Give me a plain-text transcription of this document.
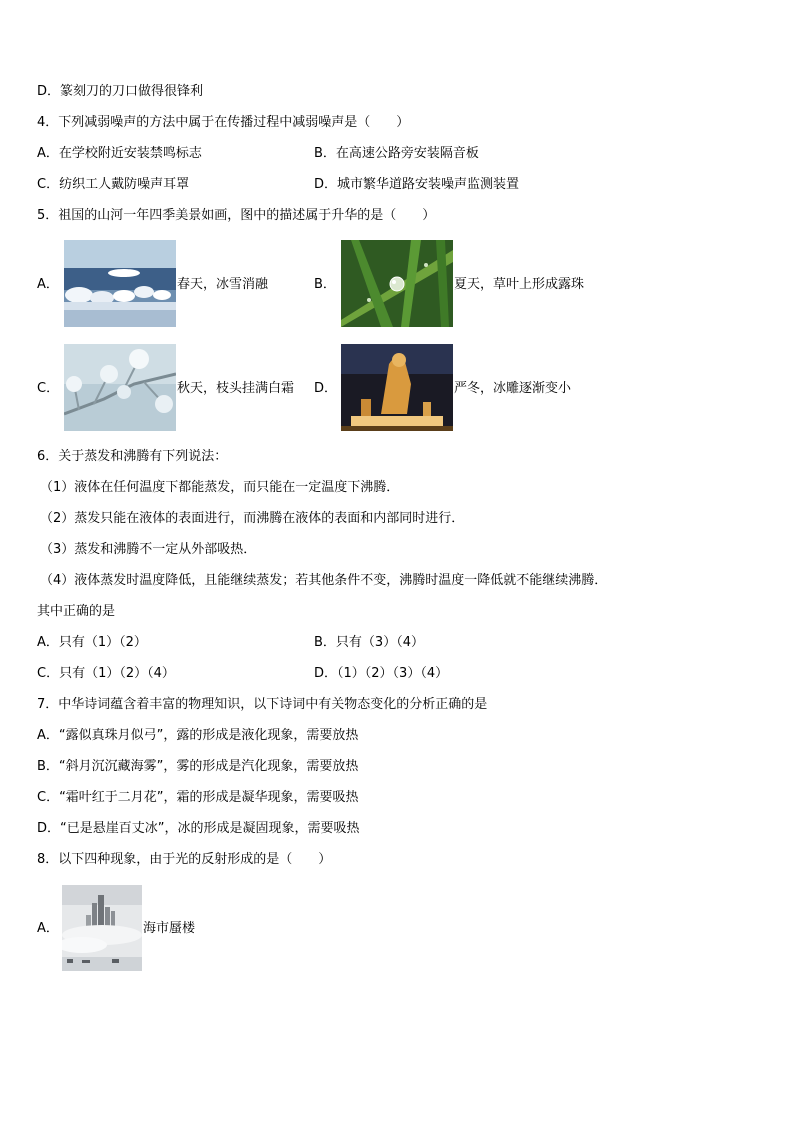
D．篆刻刀的刀口做得很锋利
4．下列减弱噪声的方法中属于在传播过程中减弱噪声是（　　）
A．在学校附近安装禁鸣标志	B．在高速公路旁安装隔音板
C．纺织工人戴防噪声耳罩	D．城市繁华道路安装噪声监测装置
5．祖国的山河一年四季美景如画，图中的描述属于升华的是（　　）
A．	春天，冰雪消融	B．	夏天，草叶上形成露珠
C．	秋天，枝头挂满白霜 D．	严冬，冰雕逐渐变小
6．关于蒸发和沸腾有下列说法：
（1）液体在任何温度下都能蒸发，而只能在一定温度下沸腾．
（2）蒸发只能在液体的表面进行，而沸腾在液体的表面和内部同时进行．
（3）蒸发和沸腾不一定从外部吸热．
（4）液体蒸发时温度降低，且能继续蒸发；若其他条件不变，沸腾时温度一降低就不能继续沸腾．
其中正确的是
A．只有（1）（2）	B．只有（3）（4）
C．只有（1）（2）（4）	D．（1）（2）（3）（4）
7．中华诗词蕴含着丰富的物理知识，以下诗词中有关物态变化的分析正确的是
A．“露似真珠月似弓”，露的形成是液化现象，需要放热
B．“斜月沉沉藏海雾”，雾的形成是汽化现象，需要放热
C．“霜叶红于二月花”，霜的形成是凝华现象，需要吸热
D．“已是悬崖百丈冰”，冰的形成是凝固现象，需要吸热
8．以下四种现象，由于光的反射形成的是（　　）
A．	海市蜃楼
